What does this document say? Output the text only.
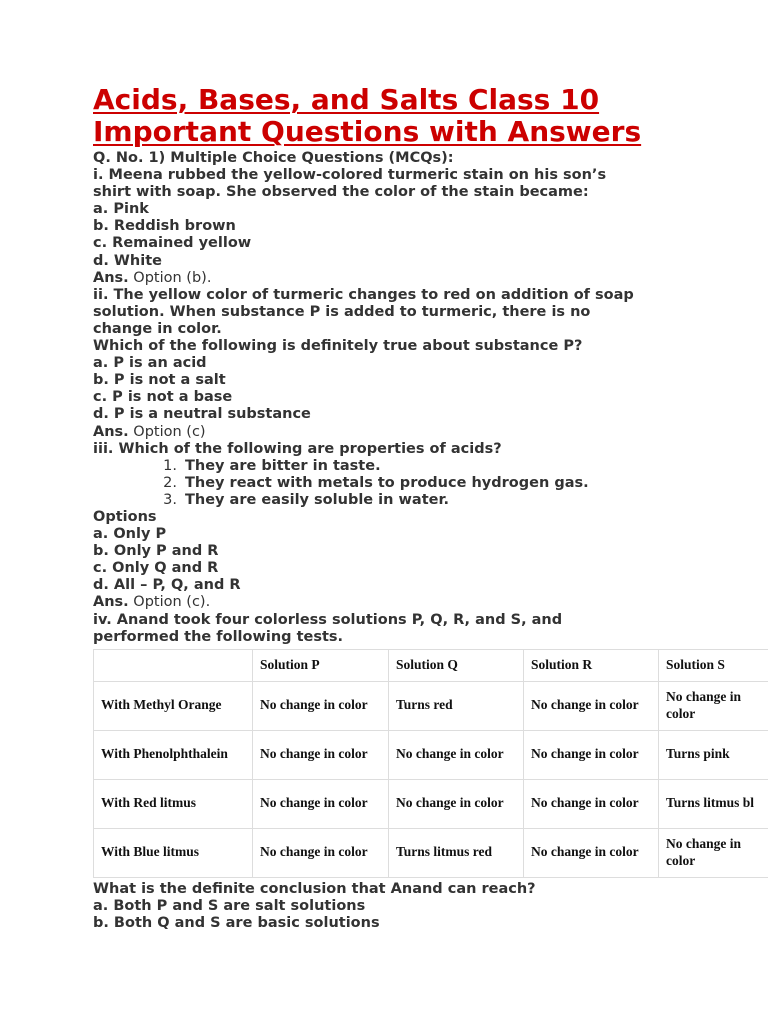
Acids, Bases, and Salts Class 10
Important Questions with Answers
Q. No. 1) Multiple Choice Questions (MCQs):
i. Meena rubbed the yellow-colored turmeric stain on his son’s
shirt with soap. She observed the color of the stain became:
a. Pink
b. Reddish brown
c. Remained yellow
d. White
Ans. Option (b).
ii. The yellow color of turmeric changes to red on addition of soap
solution. When substance P is added to turmeric, there is no
change in color.
Which of the following is definitely true about substance P?
a. P is an acid
b. P is not a salt
c. P is not a base
d. P is a neutral substance
Ans. Option (c)
iii. Which of the following are properties of acids?
1. They are bitter in taste.
2. They react with metals to produce hydrogen gas.
3. They are easily soluble in water.
Options
a. Only P
b. Only P and R
c. Only Q and R
d. All – P, Q, and R
Ans. Option (c).
iv. Anand took four colorless solutions P, Q, R, and S, and
performed the following tests.
	Solution P	Solution Q	Solution R	Solution S
With Methyl Orange	No change in color	Turns red	No change in color	No change in color
With Phenolphthalein	No change in color	No change in color	No change in color	Turns pink
With Red litmus	No change in color	No change in color	No change in color	Turns litmus bl
With Blue litmus	No change in color	Turns litmus red	No change in color	No change in color
What is the definite conclusion that Anand can reach?
a. Both P and S are salt solutions
b. Both Q and S are basic solutions
